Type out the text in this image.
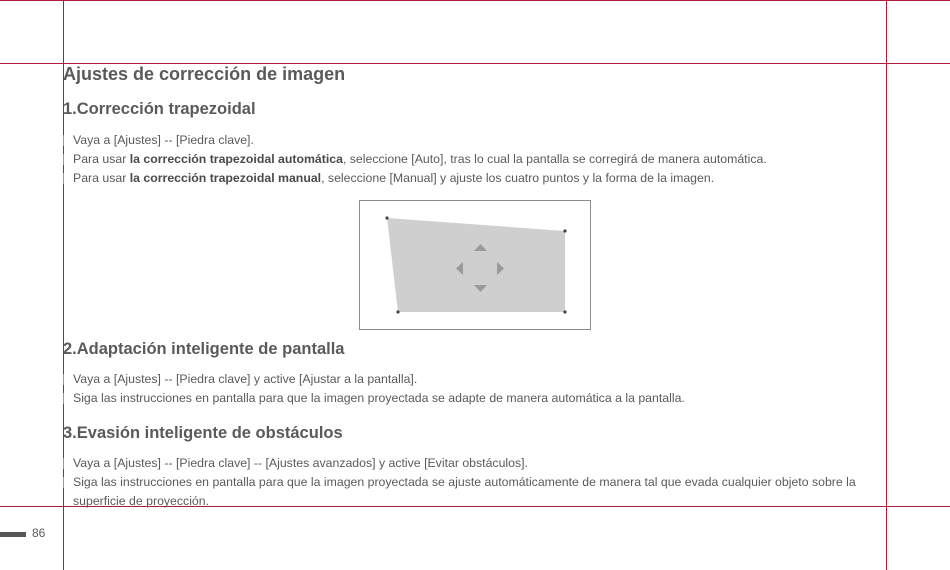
Ajustes de corrección de imagen
1.Corrección trapezoidal
Vaya a [Ajustes] -- [Piedra clave].
Para usar la corrección trapezoidal automática, seleccione [Auto], tras lo cual la pantalla se corregirá de manera automática.
Para usar la corrección trapezoidal manual, seleccione [Manual] y ajuste los cuatro puntos y la forma de la imagen.
2.Adaptación inteligente de pantalla
Vaya a [Ajustes] -- [Piedra clave] y active [Ajustar a la pantalla].
Siga las instrucciones en pantalla para que la imagen proyectada se adapte de manera automática a la pantalla.
3.Evasión inteligente de obstáculos
Vaya a [Ajustes] -- [Piedra clave] -- [Ajustes avanzados] y active [Evitar obstáculos].
Siga las instrucciones en pantalla para que la imagen proyectada se ajuste automáticamente de manera tal que evada cualquier objeto sobre la superficie de proyección.
86
